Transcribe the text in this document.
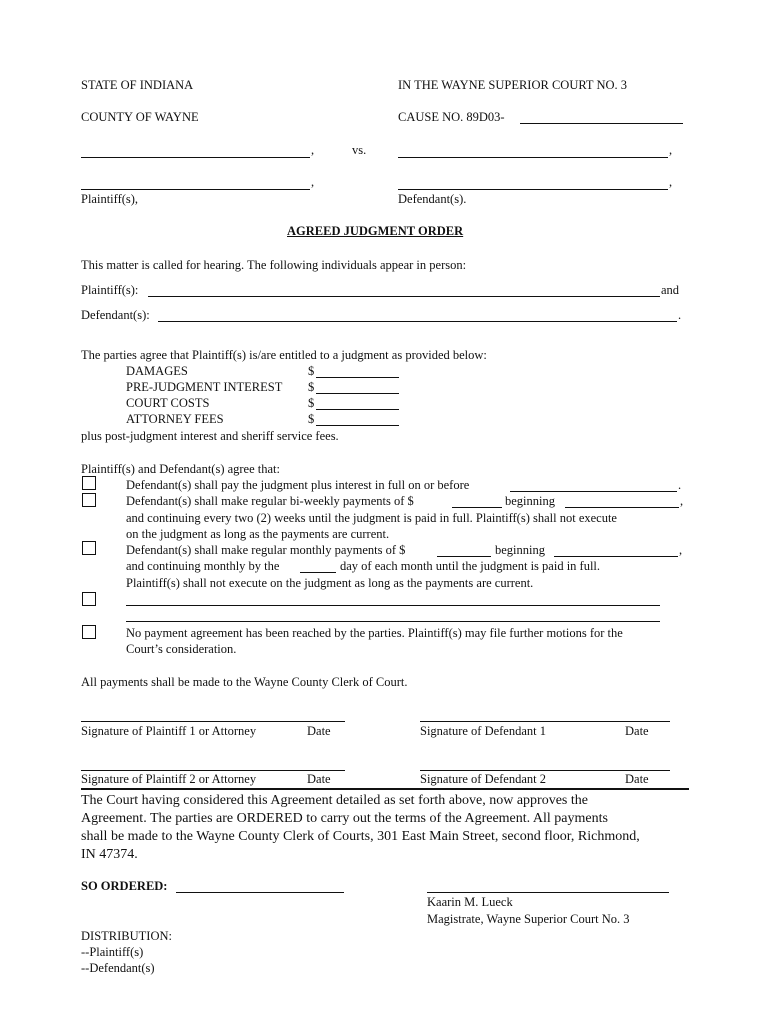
STATE OF INDIANA	IN THE WAYNE SUPERIOR COURT NO. 3
COUNTY OF WAYNE	CAUSE NO. 89D03-
,	vs.	,
,	,
Plaintiff(s),	Defendant(s).
AGREED JUDGMENT ORDER
This matter is called for hearing. The following individuals appear in person:
Plaintiff(s):	and
Defendant(s):	.
The parties agree that Plaintiff(s) is/are entitled to a judgment as provided below:
DAMAGES	$
PRE-JUDGMENT INTEREST $
COURT COSTS	$
ATTORNEY FEES	$
plus post-judgment interest and sheriff service fees.
Plaintiff(s) and Defendant(s) agree that:
Defendant(s) shall pay the judgment plus interest in full on or before	.
Defendant(s) shall make regular bi-weekly payments of $	beginning	,
and continuing every two (2) weeks until the judgment is paid in full. Plaintiff(s) shall not execute
on the judgment as long as the payments are current.
Defendant(s) shall make regular monthly payments of $	beginning	,
and continuing monthly by the	day of each month until the judgment is paid in full.
Plaintiff(s) shall not execute on the judgment as long as the payments are current.
No payment agreement has been reached by the parties. Plaintiff(s) may file further motions for the
Court’s consideration.
All payments shall be made to the Wayne County Clerk of Court.
Signature of Plaintiff 1 or Attorney	Date	Signature of Defendant 1	Date
Signature of Plaintiff 2 or Attorney	Date	Signature of Defendant 2	Date
The Court having considered this Agreement detailed as set forth above, now approves the
Agreement. The parties are ORDERED to carry out the terms of the Agreement. All payments
shall be made to the Wayne County Clerk of Courts, 301 East Main Street, second floor, Richmond,
IN 47374.
SO ORDERED:
Kaarin M. Lueck
Magistrate, Wayne Superior Court No. 3
DISTRIBUTION:
--Plaintiff(s)
--Defendant(s)
